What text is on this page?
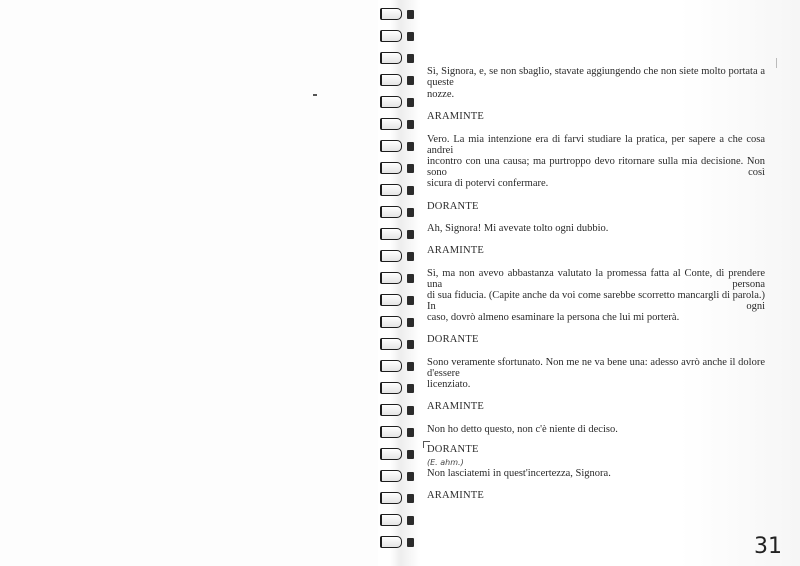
Sì, Signora, e, se non sbaglio, stavate aggiungendo che non siete molto portata a queste
nozze.
ARAMINTE
Vero. La mia intenzione era di farvi studiare la pratica, per sapere a che cosa andrei
incontro con una causa; ma purtroppo devo ritornare sulla mia decisione. Non sono così
sicura di potervi confermare.
DORANTE
Ah, Signora! Mi avevate tolto ogni dubbio.
ARAMINTE
Sì, ma non avevo abbastanza valutato la promessa fatta al Conte, di prendere una persona
di sua fiducia. (Capite anche da voi come sarebbe scorretto mancargli di parola.) In ogni
caso, dovrò almeno esaminare la persona che lui mi porterà.
DORANTE
Sono veramente sfortunato. Non me ne va bene una: adesso avrò anche il dolore d'essere
licenziato.
ARAMINTE
Non ho detto questo, non c'è niente di deciso.
DORANTE
(E. ahm.)
Non lasciatemi in quest'incertezza, Signora.
ARAMINTE
31
